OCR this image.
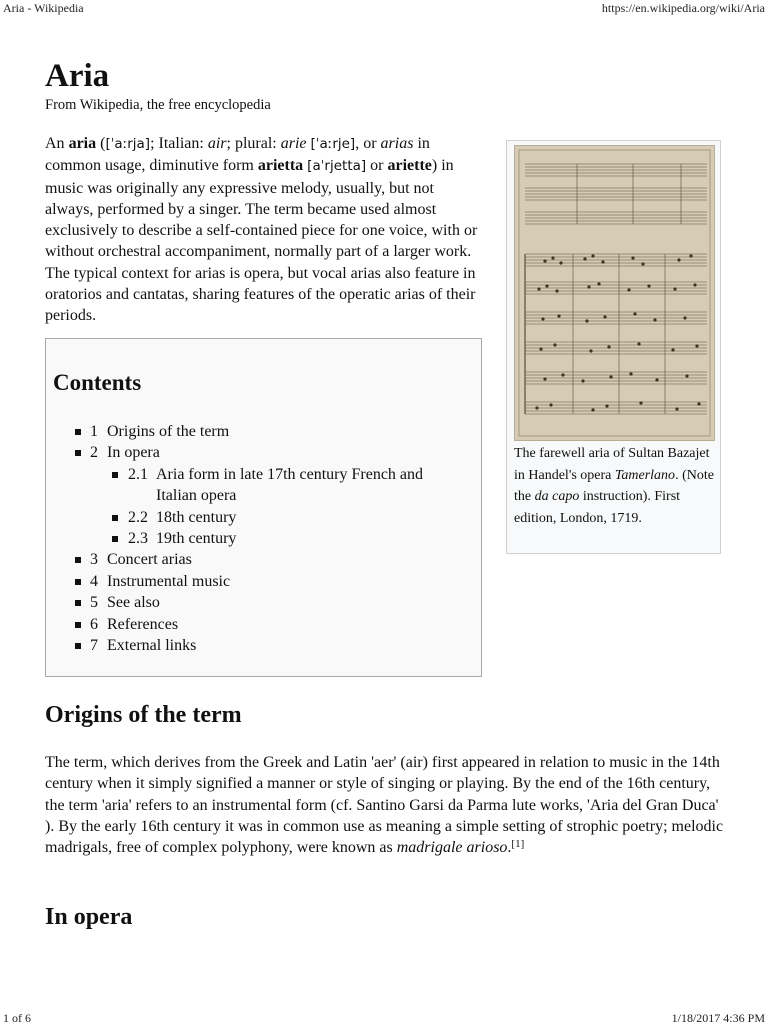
Aria - Wikipedia	https://en.wikipedia.org/wiki/Aria
Aria
From Wikipedia, the free encyclopedia

An aria ([ˈaːrja]; Italian: air; plural: arie [ˈaːrje], or arias in common usage, diminutive form arietta [aˈrjetta] or ariette) in music was originally any expressive melody, usually, but not always, performed by a singer. The term became used almost exclusively to describe a self-contained piece for one voice, with or without orchestral accompaniment, normally part of a larger work. The typical context for arias is opera, but vocal arias also feature in oratorios and cantatas, sharing features of the operatic arias of their periods.

The farewell aria of Sultan Bazajet in Handel's opera Tamerlano. (Note the da capo instruction). First edition, London, 1719.
Contents
1 Origins of the term
2 In opera
2.1 Aria form in late 17th century French and Italian opera
2.2 18th century
2.3 19th century
3 Concert arias
4 Instrumental music
5 See also
6 References
7 External links
Origins of the term

The term, which derives from the Greek and Latin 'aer' (air) first appeared in relation to music in the 14th century when it simply signified a manner or style of singing or playing. By the end of the 16th century, the term 'aria' refers to an instrumental form (cf. Santino Garsi da Parma lute works, 'Aria del Gran Duca' ). By the early 16th century it was in common use as meaning a simple setting of strophic poetry; melodic madrigals, free of complex polyphony, were known as madrigale arioso.[1]

In opera
1 of 6	1/18/2017 4:36 PM
